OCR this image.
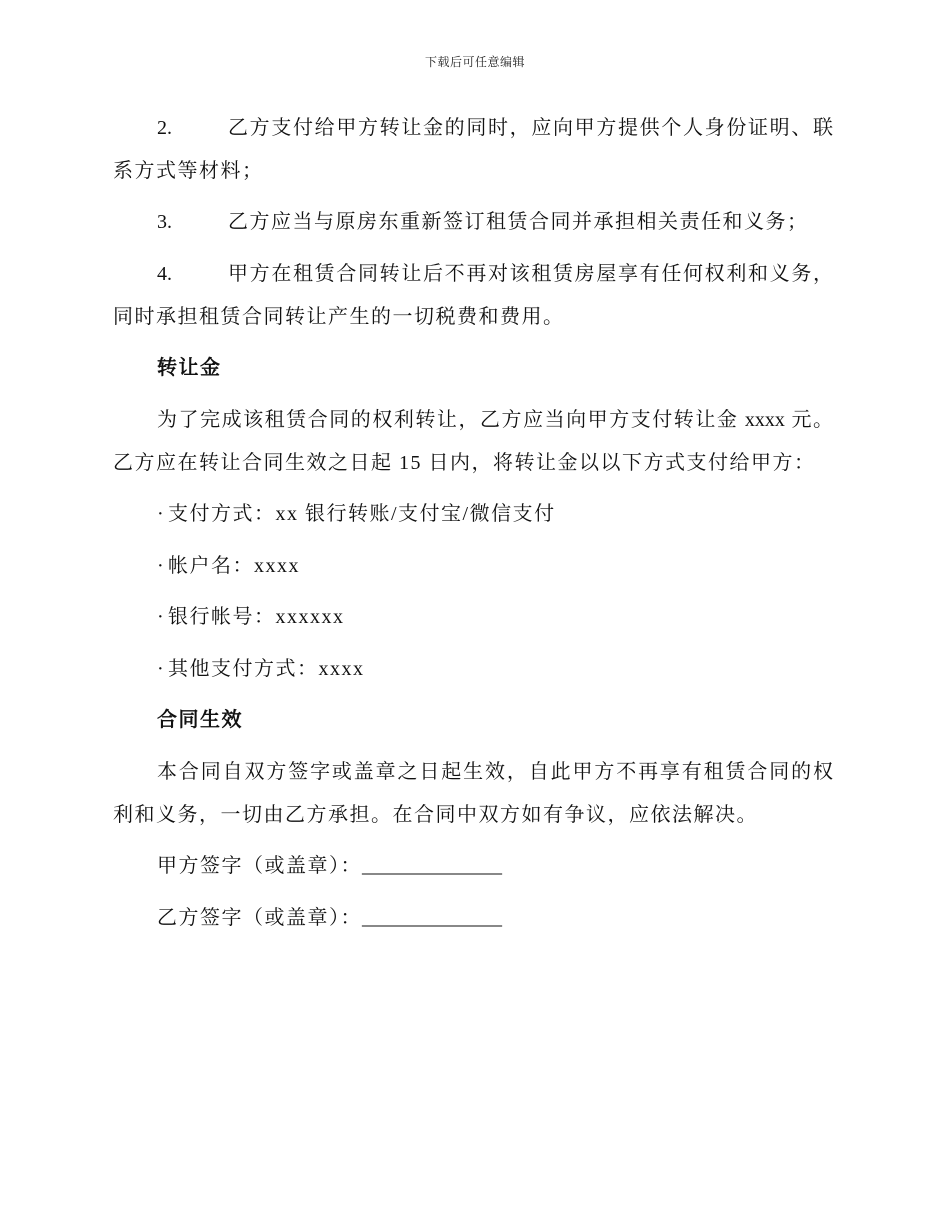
下载后可任意编辑
2.	乙方支付给甲方转让金的同时，应向甲方提供个人身份证明、联
系方式等材料；
3.	乙方应当与原房东重新签订租赁合同并承担相关责任和义务；
4.	甲方在租赁合同转让后不再对该租赁房屋享有任何权利和义务，
同时承担租赁合同转让产生的一切税费和费用。
转让金
为了完成该租赁合同的权利转让，乙方应当向甲方支付转让金 xxxx 元。
乙方应在转让合同生效之日起 15 日内，将转让金以以下方式支付给甲方：
· 支付方式：xx 银行转账/支付宝/微信支付
· 帐户名：xxxx
· 银行帐号：xxxxxx
· 其他支付方式：xxxx
合同生效
本合同自双方签字或盖章之日起生效，自此甲方不再享有租赁合同的权
利和义务，一切由乙方承担。在合同中双方如有争议，应依法解决。
甲方签字（或盖章）：______________
乙方签字（或盖章）：______________
